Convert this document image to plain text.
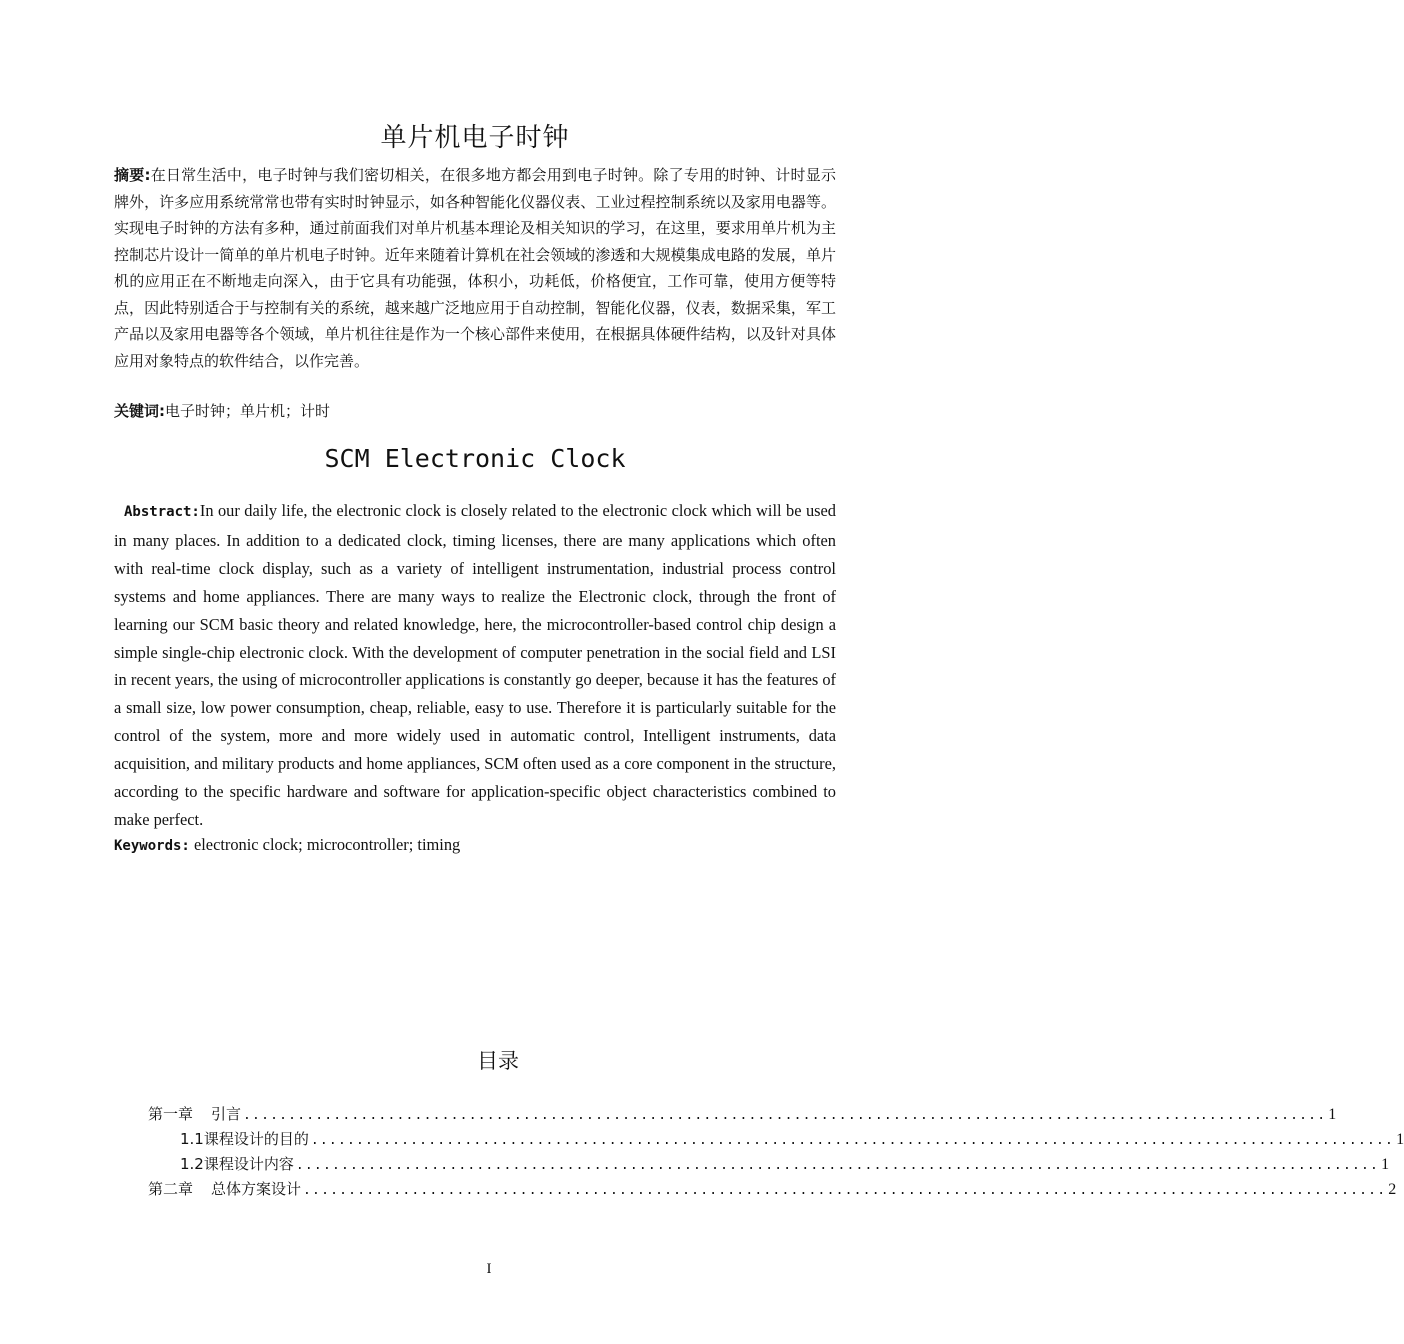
单片机电子时钟
摘要:在日常生活中，电子时钟与我们密切相关，在很多地方都会用到电子时钟。除了专用的时钟、计时显示牌外，许多应用系统常常也带有实时时钟显示，如各种智能化仪器仪表、工业过程控制系统以及家用电器等。实现电子时钟的方法有多种，通过前面我们对单片机基本理论及相关知识的学习，在这里，要求用单片机为主控制芯片设计一简单的单片机电子时钟。近年来随着计算机在社会领域的渗透和大规模集成电路的发展，单片机的应用正在不断地走向深入，由于它具有功能强，体积小，功耗低，价格便宜，工作可靠，使用方便等特点，因此特别适合于与控制有关的系统，越来越广泛地应用于自动控制，智能化仪器，仪表，数据采集，军工产品以及家用电器等各个领域，单片机往往是作为一个核心部件来使用，在根据具体硬件结构，以及针对具体应用对象特点的软件结合，以作完善。
关键词:电子时钟；单片机；计时
SCM Electronic Clock
Abstract:In our daily life, the electronic clock is closely related to the electronic clock which will be used in many places. In addition to a dedicated clock, timing licenses, there are many applications which often with real-time clock display, such as a variety of intelligent instrumentation, industrial process control systems and home appliances. There are many ways to realize the Electronic clock, through the front of learning our SCM basic theory and related knowledge, here, the microcontroller-based control chip design a simple single-chip electronic clock. With the development of computer penetration in the social field and LSI in recent years, the using of microcontroller applications is constantly go deeper, because it has the features of a small size, low power consumption, cheap, reliable, easy to use. Therefore it is particularly suitable for the control of the system, more and more widely used in automatic control, Intelligent instruments, data acquisition, and military products and home appliances, SCM often used as a core component in the structure, according to the specific hardware and software for application-specific object characteristics combined to make perfect.
Keywords: electronic clock; microcontroller; timing
目录
第一章	引言 ........................................................................................................................ 1
1.1课程设计的目的 ........................................................................................................................ 1
1.2课程设计内容 ........................................................................................................................ 1
第二章	总体方案设计 ........................................................................................................................ 2
I
